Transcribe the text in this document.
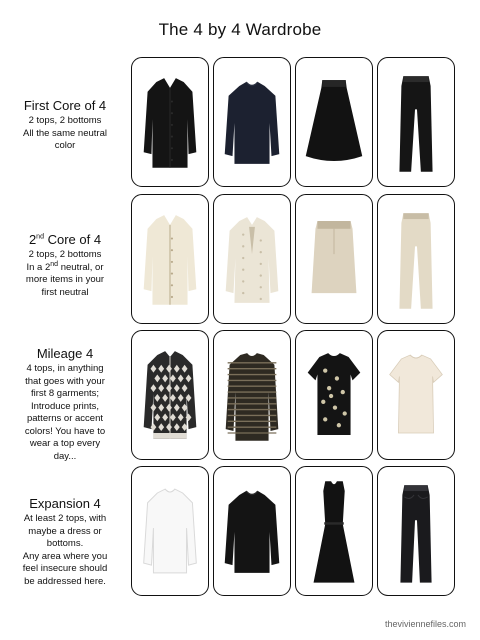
The 4 by 4 Wardrobe
First Core of 4
2 tops, 2 bottoms
All the same neutral
color
2nd Core of 4
2 tops, 2 bottoms
In a 2nd neutral, or
more items in your
first neutral
Mileage 4
4 tops, in anything
that goes with your
first 8 garments;
Introduce prints,
patterns or accent
colors! You have to
wear a top every
day...
Expansion 4
At least 2 tops, with
maybe a dress or
bottoms.
Any area where you
feel insecure should
be addressed here.
theviviennefiles.com
